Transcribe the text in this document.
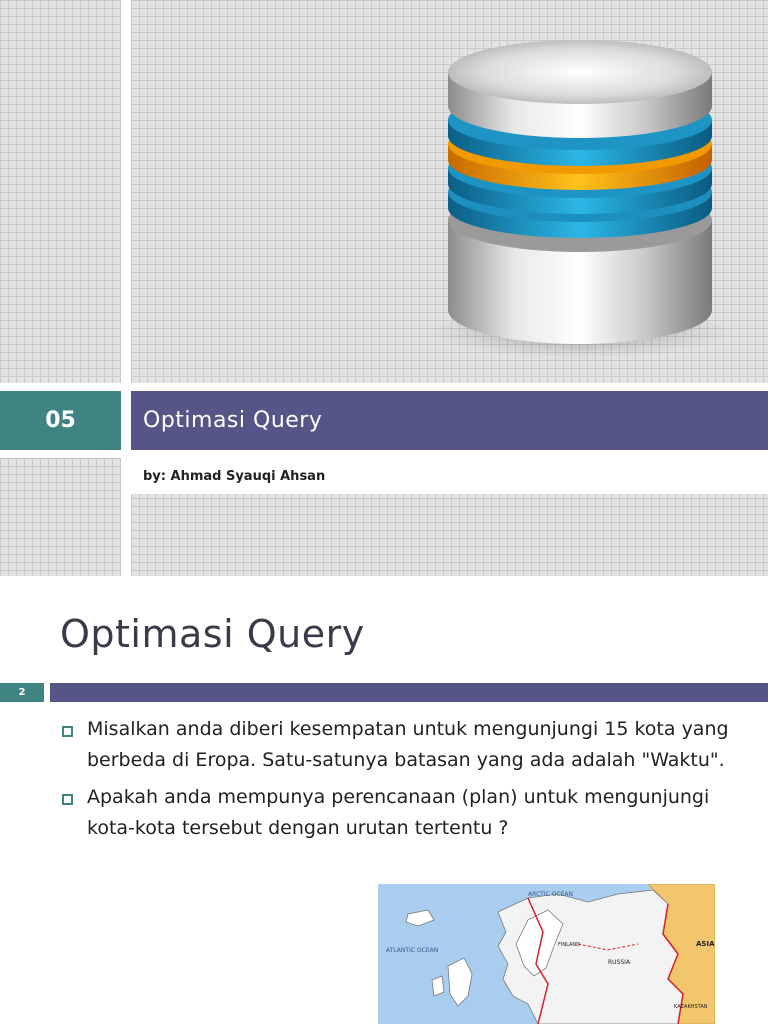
05	Optimasi Query
by: Ahmad Syauqi Ahsan
Optimasi Query
2
Misalkan anda diberi kesempatan untuk mengunjungi 15 kota yang berbeda di Eropa. Satu-satunya batasan yang ada adalah "Waktu".
Apakah anda mempunya perencanaan (plan) untuk mengunjungi kota-kota tersebut dengan urutan tertentu ?
ARCTIC OCEAN
ATLANTIC OCEAN
FINLAND
RUSSIA
ASIA
KAZAKHSTAN
